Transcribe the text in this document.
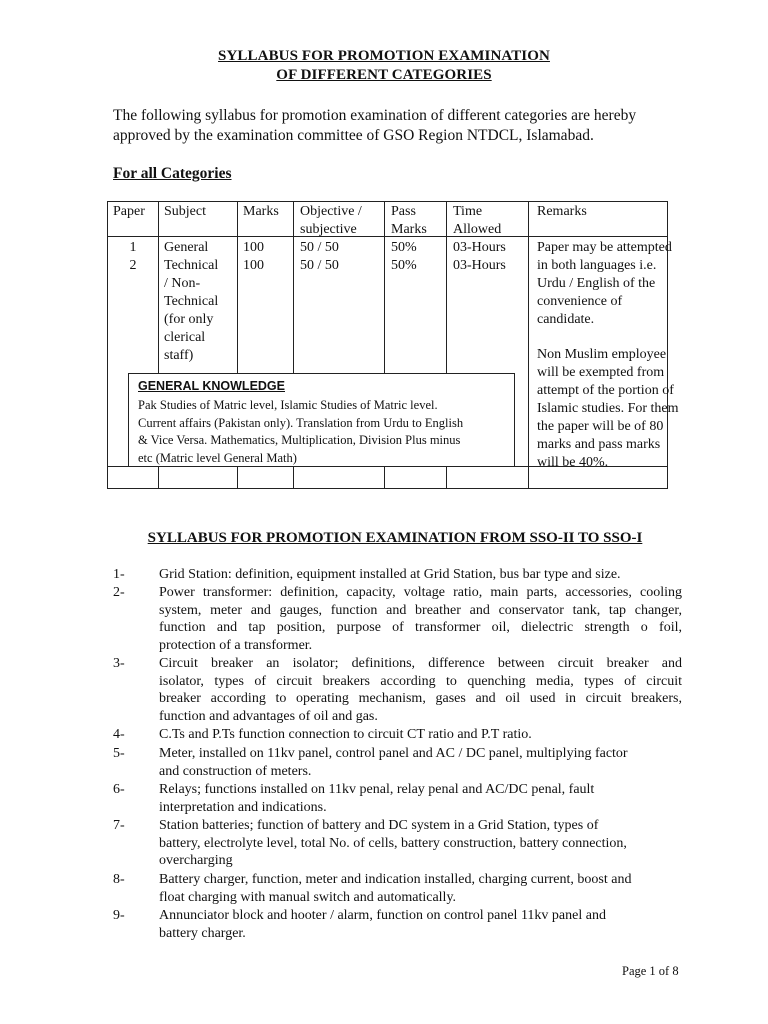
SYLLABUS FOR PROMOTION EXAMINATION
OF DIFFERENT CATEGORIES
The following syllabus for promotion examination of different categories are hereby
approved by the examination committee of GSO Region NTDCL, Islamabad.
For all Categories
Paper Subject	Marks Objective /
subjective
Pass
Marks
Time
Allowed
Remarks
1
2
General
Technical
/ Non-
Technical
(for only
clerical
staff)
100
100
50 / 50
50 / 50
50%
50%
03-Hours
03-Hours
Paper may be attempted
in both languages i.e.
Urdu / English of the
convenience of
candidate.
Non Muslim employee
will be exempted from
attempt of the portion of
Islamic studies. For them
the paper will be of 80
marks and pass marks
will be 40%.
GENERAL KNOWLEDGE
Pak Studies of Matric level, Islamic Studies of Matric level.
Current affairs (Pakistan only). Translation from Urdu to English
& Vice Versa. Mathematics, Multiplication, Division Plus minus
etc (Matric level General Math)
SYLLABUS FOR PROMOTION EXAMINATION FROM SSO-II TO SSO-I
1- Grid Station: definition, equipment installed at Grid Station, bus bar type and size.
2- Power transformer: definition, capacity, voltage ratio, main parts, accessories, cooling
system, meter and gauges, function and breather and conservator tank, tap changer,
function and tap position, purpose of transformer oil, dielectric strength o foil,
protection of a transformer.
3- Circuit breaker an isolator; definitions, difference between circuit breaker and
isolator, types of circuit breakers according to quenching media, types of circuit
breaker according to operating mechanism, gases and oil used in circuit breakers,
function and advantages of oil and gas.
4- C.Ts and P.Ts function connection to circuit CT ratio and P.T ratio.
5- Meter, installed on 11kv panel, control panel and AC / DC panel, multiplying factor
and construction of meters.
6- Relays; functions installed on 11kv penal, relay penal and AC/DC penal, fault
interpretation and indications.
7- Station batteries; function of battery and DC system in a Grid Station, types of
battery, electrolyte level, total No. of cells, battery construction, battery connection,
overcharging
8- Battery charger, function, meter and indication installed, charging current, boost and
float charging with manual switch and automatically.
9- Annunciator block and hooter / alarm, function on control panel 11kv panel and
battery charger.
Page 1 of 8
